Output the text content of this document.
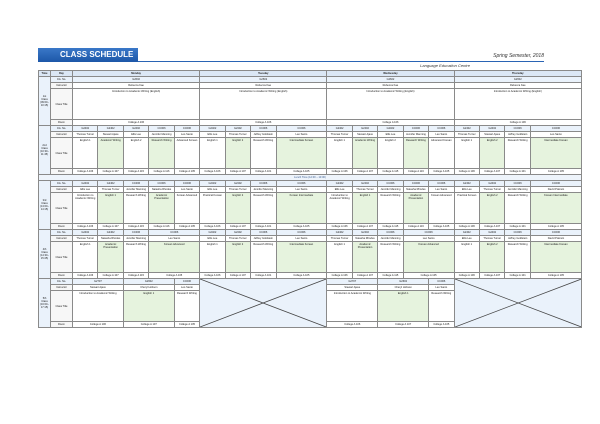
CLASS SCHEDULE	Spring Semester, 2018
Language Education Centre
Time	Day	Monday					Tuesday				Wednesday					Thursday			
1st Class (09:00–10:15)	Cls. No.	G2602					G2602				G2602					G2602			
	Instructor	Rebecca Kae					Rebecca Kae				Rebecca Kae					Rebecca Kae			
	Class Title	Introduction to Academic Writing (English)					Introduction to Academic Writing (English)				Introduction to Academic Writing (English)					Introduction to Academic Writing (English)			
	Room	College A 106					College A 106				College A 106					College A 106			
2nd Class (10:30–11:45)	Cls. No.	G2402	G2402	G2402	CC006	CC006	G2402	G2402	CC006	CC006	G2402	G2402	G2402	CC006	CC006	G2402	G2402	CC006	CC006
	Instructor	Thomas Turner	Stewart Ajaxe	Ellis Lee	Jennifer Manning	Leo Santo	Ellis Lee	Thomas Turner	Jeffrey Goldstein	Leo Santo	Thomas Turner	Stewart Ajaxe	Ellis Lee	Jennifer Manning	Leo Santo	Thomas Turner	Stewart Ajaxe	Jeffrey Goldstein	Leo Santo
	Class Title	English 1	Academic Writing	English 2	Research Writing	Advanced Korean	English 1	English 2	Research Writing	Intermediate Korean	English 1	Academic Writing	English 2	Research Writing	Advanced Korean	English 1	English 2	Research Writing	Intermediate Korean
	Room	College A 106	College A 107	College A 115	College A 116	College A 105	College A 106	College A 107	College A 101	College A 105	College A 106	College A 107	College A 115	College A 116	College A 105	College A 106	College A 107	College A 101	College A 105
Lunch Time (12:00 – 13:00)																			
3rd Class (13:00–14:15)	Cls. No.	G2402	G2402	CC006	CC006	CC006	G2402	G2402	CC006	CC006	G2402	G2402	CC006	CC006	CC006	G2402	G2402	CC006	CC006
	Instructor	Ellis Lee	Thomas Turner	Jennifer Manning	Natasha Rhodes	Leo Santo	Ellis Lee	Thomas Turner	Jennifer Manning	Leo Santo	Ellis Lee	Thomas Turner	Jennifer Manning	Natasha Rhodes	Leo Santo	Ellis Lee	Thomas Turner	Jennifer Manning	David Pokrant
	Class Title	Introduction to Academic Writing	English 1	Research Writing	Academic Presentation	Korean Advanced	Practical Korean	English 2	Research Writing	Korean Intermediate	Introduction to Academic Writing	English 1	Research Writing	Academic Presentation	Korean Advanced	Practical Korean	English 2	Research Writing	Korean Intermediate
	Room	College A 106	College A 107	College A 115	College A 116	College A 105	College A 106	College A 107	College A 101	College A 105	College A 106	College A 107	College A 115	College A 116	College A 105	College A 106	College A 107	College A 101	College A 105
4th Class (14:30–15:45)	Cls. No.	G2402	G2402	CC006	CC006		G2402	G2402	CC006	CC006	G2402	G2402	CC006	CC006		G2402	G2402	CC006	CC006
	Instructor	Thomas Turner	Natasha Rhodes	Jennifer Manning	Leo Santo		Ellis Lee	Thomas Turner	Jeffrey Goldstein	Leo Santo	Thomas Turner	Natasha Rhodes	Jennifer Manning	Leo Santo		Ellis Lee	Thomas Turner	Jeffrey Goldstein	David Pokrant
	Class Title	English 1	Academic Presentation	Research Writing	Korean Advanced		English 1	English 2	Research Writing	Intermediate Korean	English 1	Academic Presentation	Research Writing	Korean Advanced		English 1	English 2	Research Writing	Intermediate Korean
	Room	College A 106	College A 107	College A 115	College A 105		College A 106	College A 107	College A 101	College A 105	College A 106	College A 107	College A 115	College A 105		College A 106	College A 107	College A 101	College A 105
5th Class (16:00–17:15)	Cls. No.	G2707		G2602		CC006					G2707		G2602		CC006	

	Instructor	Stewart Ajaxe		Cheryl Hobson		Leo Santo					Stewart Ajaxe		Cheryl Hobson		Leo Santo				
	Class Title	Introduction to Academic Writing		English 1		Research Writing					Introduction to Academic Writing		English 1		Research Writing				
	Room	College A 106		College A 107		College A 105					College A 106		College A 107		College A 105				
